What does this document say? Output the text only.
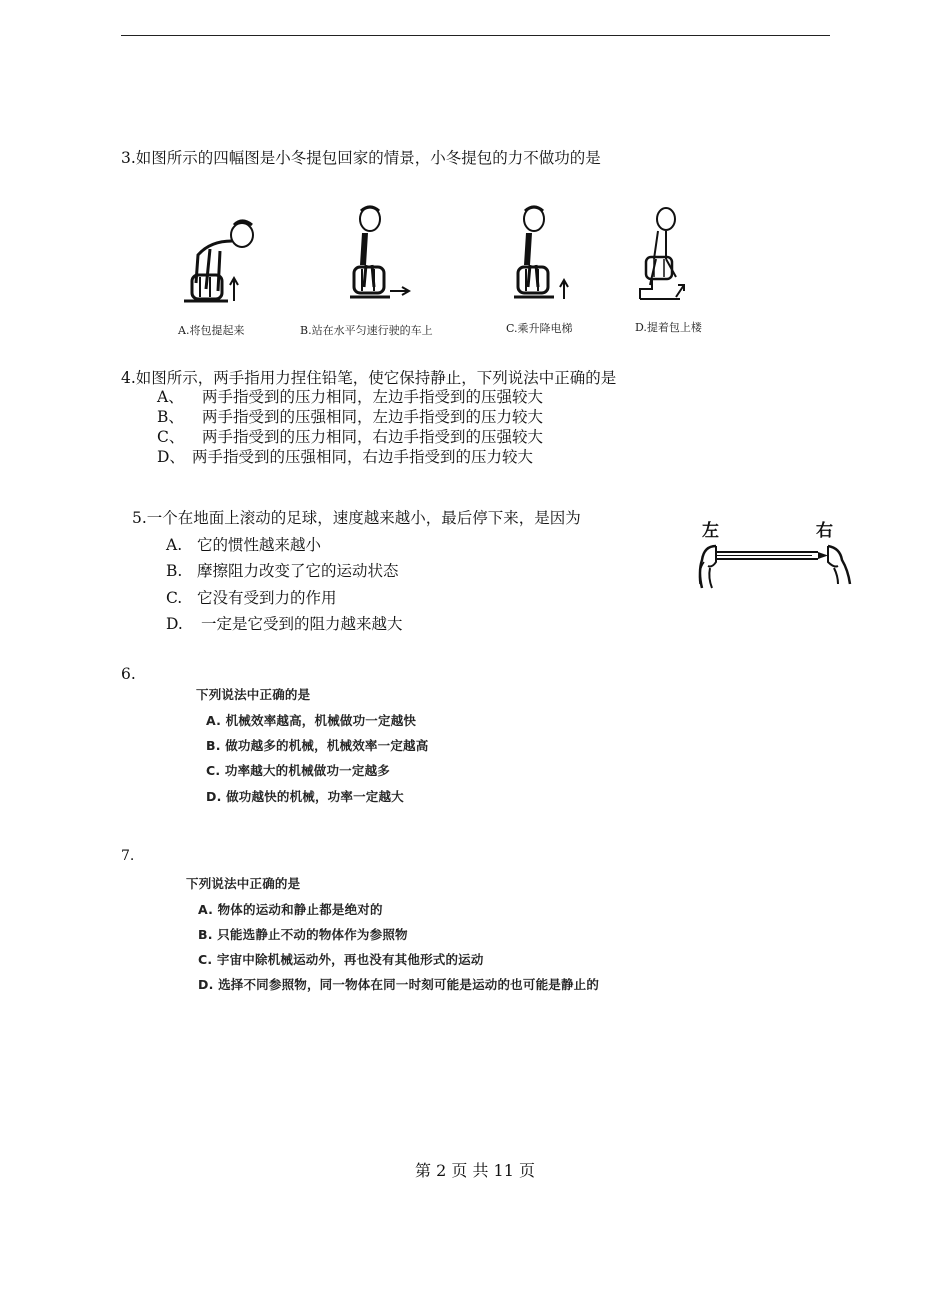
3.如图所示的四幅图是小冬提包回家的情景，小冬提包的力不做功的是
A.将包提起来	B.站在水平匀速行驶的车上	C.乘升降电梯	D.提着包上楼
4.如图所示，两手指用力捏住铅笔，使它保持静止，下列说法中正确的是
A、 两手指受到的压力相同，左边手指受到的压强较大
B、 两手指受到的压强相同，左边手指受到的压力较大
C、 两手指受到的压力相同，右边手指受到的压强较大
D、 两手指受到的压强相同，右边手指受到的压力较大
左	右
5.一个在地面上滚动的足球，速度越来越小，最后停下来，是因为
A. 它的惯性越来越小
B. 摩擦阻力改变了它的运动状态
C. 它没有受到力的作用
D. 一定是它受到的阻力越来越大
6.
下列说法中正确的是
A. 机械效率越高，机械做功一定越快
B. 做功越多的机械，机械效率一定越高
C. 功率越大的机械做功一定越多
D. 做功越快的机械，功率一定越大
7.
下列说法中正确的是
A. 物体的运动和静止都是绝对的
B. 只能选静止不动的物体作为参照物
C. 宇宙中除机械运动外，再也没有其他形式的运动
D. 选择不同参照物，同一物体在同一时刻可能是运动的也可能是静止的
第 2 页 共 11 页
